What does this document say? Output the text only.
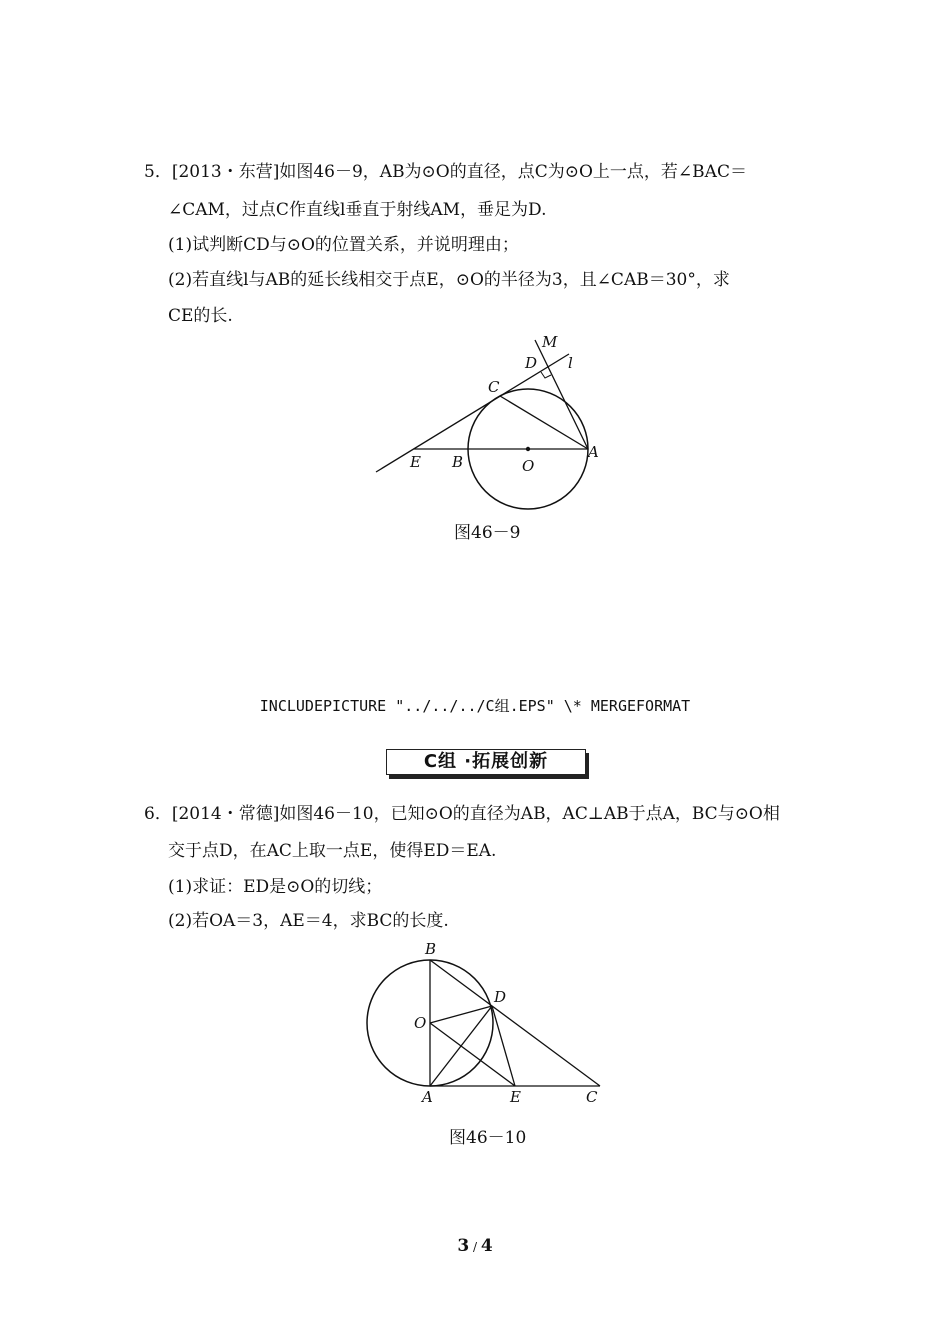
5．[2013・东营]如图46－9，AB为⊙O的直径，点C为⊙O上一点，若∠BAC＝
∠CAM，过点C作直线l垂直于射线AM，垂足为D.
(1)试判断CD与⊙O的位置关系，并说明理由；
(2)若直线l与AB的延长线相交于点E，⊙O的半径为3，且∠CAB＝30°，求
CE的长.
M
D l
C
E B	O
A
图46－9
INCLUDEPICTURE "../../../C组.EPS" \* MERGEFORMAT
C组 ·拓展创新
6．[2014・常德]如图46－10，已知⊙O的直径为AB，AC⊥AB于点A，BC与⊙O相
交于点D，在AC上取一点E，使得ED＝EA.
(1)求证：ED是⊙O的切线；
(2)若OA＝3，AE＝4，求BC的长度.
B
D
O
A	E	C
图46－10
3 / 4
